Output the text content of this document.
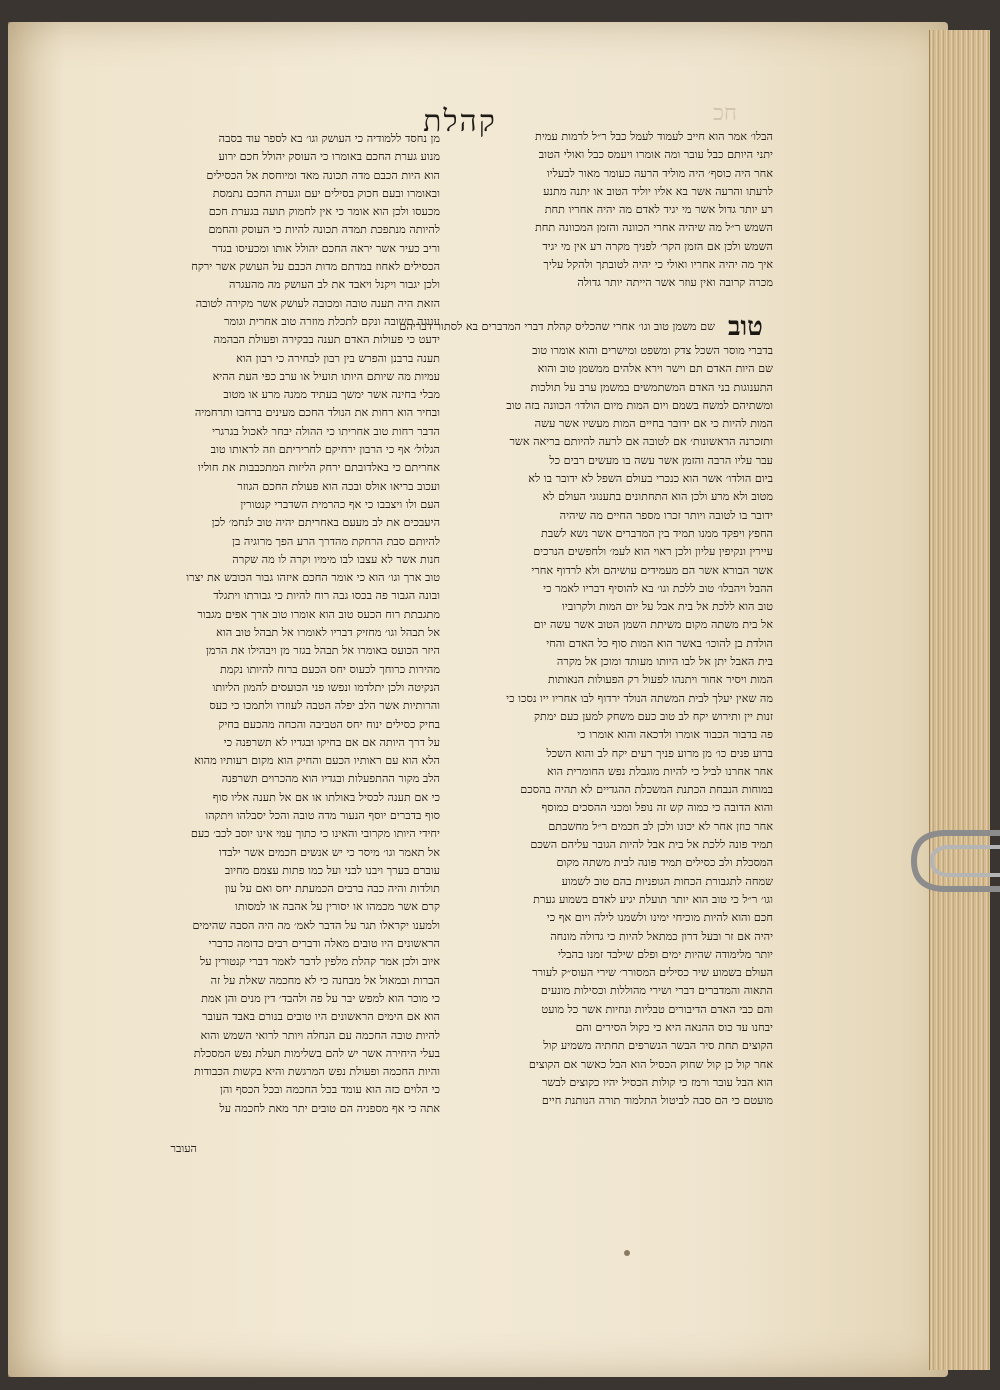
חכ
קהלת	הבלו׳ אמר הוא חייב לעמוד לעמל כבל ר״ל לרמות עמית
יתני היותם כבל עובר ומה אומרו ויעמס כבל ואולי הטוב
אחר היה כוסף׳ היה מוליד הרעה כעומר מאור לבעליו
לרעתו והרעה אשר בא אליו יוליד הטוב או יתנה מתנע
רע יותר גדול אשר מי יגיד לאדם מה יהיה אחריו תחת
השמש ר״ל מה שיהיה אחרי הכוונה והזמן המכוונה תחת
השמש ולכן אם הזמן הקר׳ לפניך מקרה רע אין מי יגיד
איך מה יהיה אחריו ואולי כי יהיה לטובתך ולהקל עליך
מכרה קרובה ואין עוזר אשר הייתה יותר גדולה
טוב
שם משמן טוב וגו׳ אחרי שהכליס קהלת דברי המדברים בא לסתור דבריהם
בדברי מוסר השכל צדק ומשפט ומישרים והוא אומרו טוב
שם היות האדם תם וישר וירא אלהים ממשמן טוב והוא
התענוגות בני האדם המשתמשים במשמן ערב על תולכות
ומשתיהם למשח בשמם ויום המות מיום הולדו׳ הכוונה בזה טוב
המות להיות כי אם ידובר בחיים המות מעשיו אשר עשה
ותזכרנה הראשונות׳ אם לטובה אם לרעה להיותם בריאה אשר
עבר עליו הרבה והזמן אשר עשה בו מעשים רבים כל
ביום הולדו׳ אשר הוא כנכרי בעולם השפל לא ידובר בו לא
מטוב ולא מרע ולכן הוא התחתונים בתענוגי העולם לא
ידובר בו לטובה ויותר זכרו מספר החיים מה שיהיה
החפץ ויפקד ממנו תמיד בין המדברים אשר נשא לשבת
עיירין ונקיפין עליון ולכן ראוי הוא לעמ׳ ולחפשים הנרכים
אשר הבורא אשר הם מעמידים עושיהם ולא לרדוף אחרי
ההבל ויהבלו׳ טוב ללכת וגו׳ בא להוסיף דבריו לאמר כי
טוב הוא ללכת אל בית אבל על יום המות ולקרוביו
אל בית משתה מקום משיתת השמן הטוב אשר עשה יום
הולדת בן להוכו׳ באשר הוא המות סוף כל האדם והחי
בית האבל יתן אל לבו היותו מעותד ומוכן אל מקרה
המות ויסיר אחור ויתנהו לפעול רק הפעולות הנאותות
מה שאין יעלך לבית המשתה הנולד ירדוף לבו אחריו ייו נסכו כי
זנות יין ותירוש יקח לב טוב כעם משחק למען כעם ימתק
פה בדבור הכבוד אומרו ולדכאה והוא אומרו כי
ברוע פנים כו׳ מן מרוע פניך רעים יקח לב והוא השכל
אחר אחרנו לביל כי להיות מוגבלת נפש החומרית הוא
במוחות הנבחת הכתנת המשכלת ההגדיים לא תהיה בהסכם
והוא הדובה כי כמוה קש זה נופל ומכני ההסכים כמוסף
אחר כוזן אחר לא יכונו ולכן לב חכמים ר״ל מחשבתם
תמיד פונה ללכת אל בית אבל להיות הגובר עליהם השכם
המסכלת ולב כסילים תמיד פונה לבית משתה מקום
שמחה לתגבורת הכחות הגופניות בהם טוב לשמוע
וגו׳ ר״ל כי טוב הוא יותר תועלת יגיע לאדם בשמוע גערת
חכם והוא להיות מוכיחי ימינו ולשמנו לילה ויום אף כי
יהיה אם זר ובעל דרון כמתאל להיות כי גדולה מונחה
יותר מלימודה שהיות ימים ופלם שילבד זמנו בהבלי
העולם בשמוע שיר כסילים המסורר׳ שירי העוס״ק לעורר
התאוה והמדברים דברי ושירי מהוללות וכסילות מונעים
והם כבי האדם הדיבורים טבליות ונחיות אשר כל מועט
יבחנו עד כוס ההנאה היא כי כקול הסירים והם
הקוצים תחת סיר הבשר הנשרפים תחתיה משמיע קול
אחר קול כן קול שחוק הכסיל הוא הבל כאשר אם הקוצים
הוא הבל עובר ורמז כי קולות הכסיל יהיו כקוצים לבשר
מועטם כי הם סבה לביטול התלמוד תורה הנותנת חיים
מן נחסד ללמודיה כי העושק וגו׳ בא לספר עוד בסבה
מנוע גערת החכם באומרו כי העוסק יהולל חכם ירוע
הוא היות הכבם מדה תכונה מאד ומיוחסת אל הכסילים
ובאומרו ובעם חכוק בסילים יעם וגערת החכם נתמסת
מכעסו ולכן הוא אומר כי אין לחמוק תועה בגערת חכם
להיותה מנתפכת תמדה תכונה להיות כי העוסק והחמם
וריב כעיר אשר יראה החכם יהולל אותו ומכעיסו בגדר
הכסילים לאחוז במדתם מדות הכבם על העושק אשר ירקח
ולכן יגבור ויקנל ויאבד את לב העושק מה מהעגרה
הזאת היה תענה טובה ומכובה לעושק אשר מקירה לטובה
ענוגה תשובה ונקם לתכלת מוזרה טוב אחרית וגומר
ידעט כי פעולות האדם תענה בבקירה ופעולת הבהמה
תענה ברבנן והפרש בין רבון לבחירה כי רבון הוא
עמיות מה שיותם היותו תועיל או ערב כפי העת ההיא
מבלי בחינה אשר ימשך בעתיד ממנה מרע או מטוב
ובחיר הוא רחות את הנולד החכם מעינים ברחבו ותרחמיה
הדבר רחות טוב אחריתו כי ההולה יבחר לאכול בגרגרי
הגלול׳ אף כי הרבון ירחיקם לחריריתם וזה לראותו טוב
אחריתם כי באלדובתם ירחק הליזות המתכבבות את חוליו
ועכוב בריאו אולס ובכה הוא פעולת החכם הגוזר
העם ולו ויצבבו כי אף כהרמית השדברי קנטורין
היעבכים את לב מעעם באחריתם יהיה טוב לנחמ׳ לכן
להיותם סבת הרחקת מהדרך הרע הפך מרוגיה בן
חנות אשר לא עצבו לבו מימיו וקרה לו מה שקרה
טוב ארך וגו׳ הוא כי אומר החכם איזהו גבור הכובש את יצרו
ובונה הגבור פה בכסו גבה רוח להיות כי גבורתו ויתגלד
מתגבתת רוח הכעס טוב הוא אומרו טוב ארך אפים מגבור
אל תבהל וגו׳ מחזיק דבריו לאומרו אל תבהל טוב הוא
היזר הכועס באומרו אל תבהל בגזר מן ויבהילו את הרמן
מהירות כרוחך לכעוס יחס הכעם ברוח להיותו נקמת
הנקיטה ולכן יתלדמו ונפשו פני הכועסים להמון הליותו
והרותיות אשר הלב יפלה הטבה לעוזרו ולתמכו כי כעס
בחיק כסילים ינוח יחס הטביבה והכחה מהכעם בחיק
על דרך היותה אם אם בחיקו ובגדיו לא תשרפנה כי
הלא הוא עם ראותיו הכעם והחיק הוא מקום רעותיו מהוא
הלב מקור ההתפעלות ובגדיו הוא מהכרוים תשרפנה
כי אם תענה לכסיל באולתו או אם אל תענה אליו סוף
סוף בדברים יוסף הנעור מדה טובה והכל יסבלהו ויתקהו
יחידי היותו מקרובי והאינו כי כתוך עמי אינו יוסב לכב׳ כעם
אל תאמר וגו׳ מיסר כי יש אנשים חכמים אשר ילבדו
עוברם בערך ויבנו לבני ועל כמו פתות עצמם מחיוב
תולדות והיה כבה ברבים הכמעתת יחס ואם על עון
קרם אשר מכמהו או יסורין על אהבה או למסותו
ולמענו יקראלו תגר על הדבר לאמ׳ מה היה הסבה שהימים
הראשונים היו טובים מאלה ודברים רבים כדומה כדברי
איוב ולכן אמר קהלת מלפין לדבר לאמר דברי קנטורין על
הברות ובמאול אל מבחנה כי לא מחכמה שאלת על זה
כי מוכר הוא למפש יבר על פה ולהבד׳ דין מנים והן אמת
הוא אם הימים הראשונים היו טובים בנורם באבד העובר
להיות טובה החכמה עם הנחלה ויותר לרואי השמש והוא
בעלי היחירה אשר יש להם בשלימות תעלת נפש המסכלת
והיות החכמה ופעולת נפש המרגשת והיא בקשות הכבודות
כי הלוים כזה הוא עומד בכל החכמה ובכל הכסף והן
אתה כי אף מספניה הם טובים יתר מאת לחכמה על
העובר
